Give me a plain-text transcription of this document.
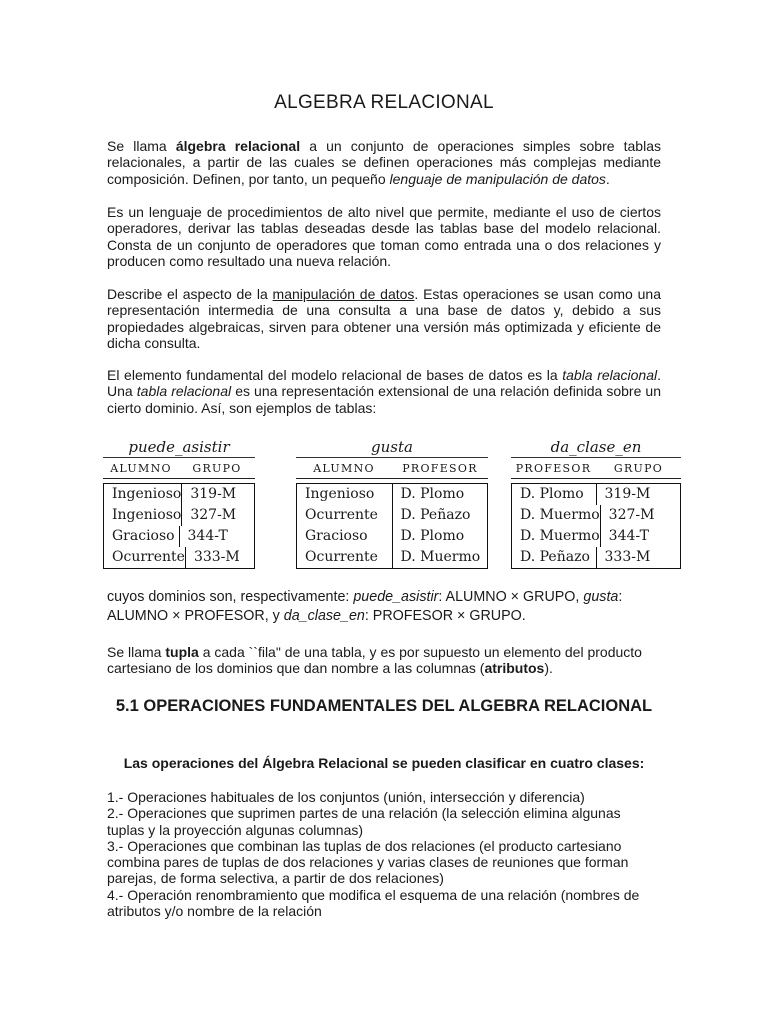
ALGEBRA RELACIONAL

Se llama álgebra relacional a un conjunto de operaciones simples sobre tablas relacionales, a partir de las cuales se definen operaciones más complejas mediante composición. Definen, por tanto, un pequeño lenguaje de manipulación de datos.

Es un lenguaje de procedimientos de alto nivel que permite, mediante el uso de ciertos operadores, derivar las tablas deseadas desde las tablas base del modelo relacional. Consta de un conjunto de operadores que toman como entrada una o dos relaciones y producen como resultado una nueva relación.

Describe el aspecto de la manipulación de datos. Estas operaciones se usan como una representación intermedia de una consulta a una base de datos y, debido a sus propiedades algebraicas, sirven para obtener una versión más optimizada y eficiente de dicha consulta.

El elemento fundamental del modelo relacional de bases de datos es la tabla relacional. Una tabla relacional es una representación extensional de una relación definida sobre un cierto dominio. Así, son ejemplos de tablas:

puede_asistir
ALUMNO	GRUPO
Ingenioso 319-M
Ingenioso 327-M
Gracioso 344-T
Ocurrente 333-M
gusta
ALUMNO	PROFESOR
Ingenioso	D. Plomo
Ocurrente	D. Peñazo
Gracioso	D. Plomo
Ocurrente	D. Muermo
da_clase_en
PROFESOR	GRUPO
D. Plomo	319-M
D. Muermo 327-M
D. Muermo 344-T
D. Peñazo	333-M

cuyos dominios son, respectivamente: puede_asistir: ALUMNO × GRUPO, gusta: ALUMNO × PROFESOR, y da_clase_en: PROFESOR × GRUPO.

Se llama tupla a cada ``fila" de una tabla, y es por supuesto un elemento del producto cartesiano de los dominios que dan nombre a las columnas (atributos).

5.1 OPERACIONES FUNDAMENTALES DEL ALGEBRA RELACIONAL
Las operaciones del Álgebra Relacional se pueden clasificar en cuatro clases:
1.- Operaciones habituales de los conjuntos (unión, intersección y diferencia)
2.- Operaciones que suprimen partes de una relación (la selección elimina algunas tuplas y la proyección algunas columnas)
3.- Operaciones que combinan las tuplas de dos relaciones (el producto cartesiano combina pares de tuplas de dos relaciones y varias clases de reuniones que forman parejas, de forma selectiva, a partir de dos relaciones)
4.- Operación renombramiento que modifica el esquema de una relación (nombres de atributos y/o nombre de la relación
